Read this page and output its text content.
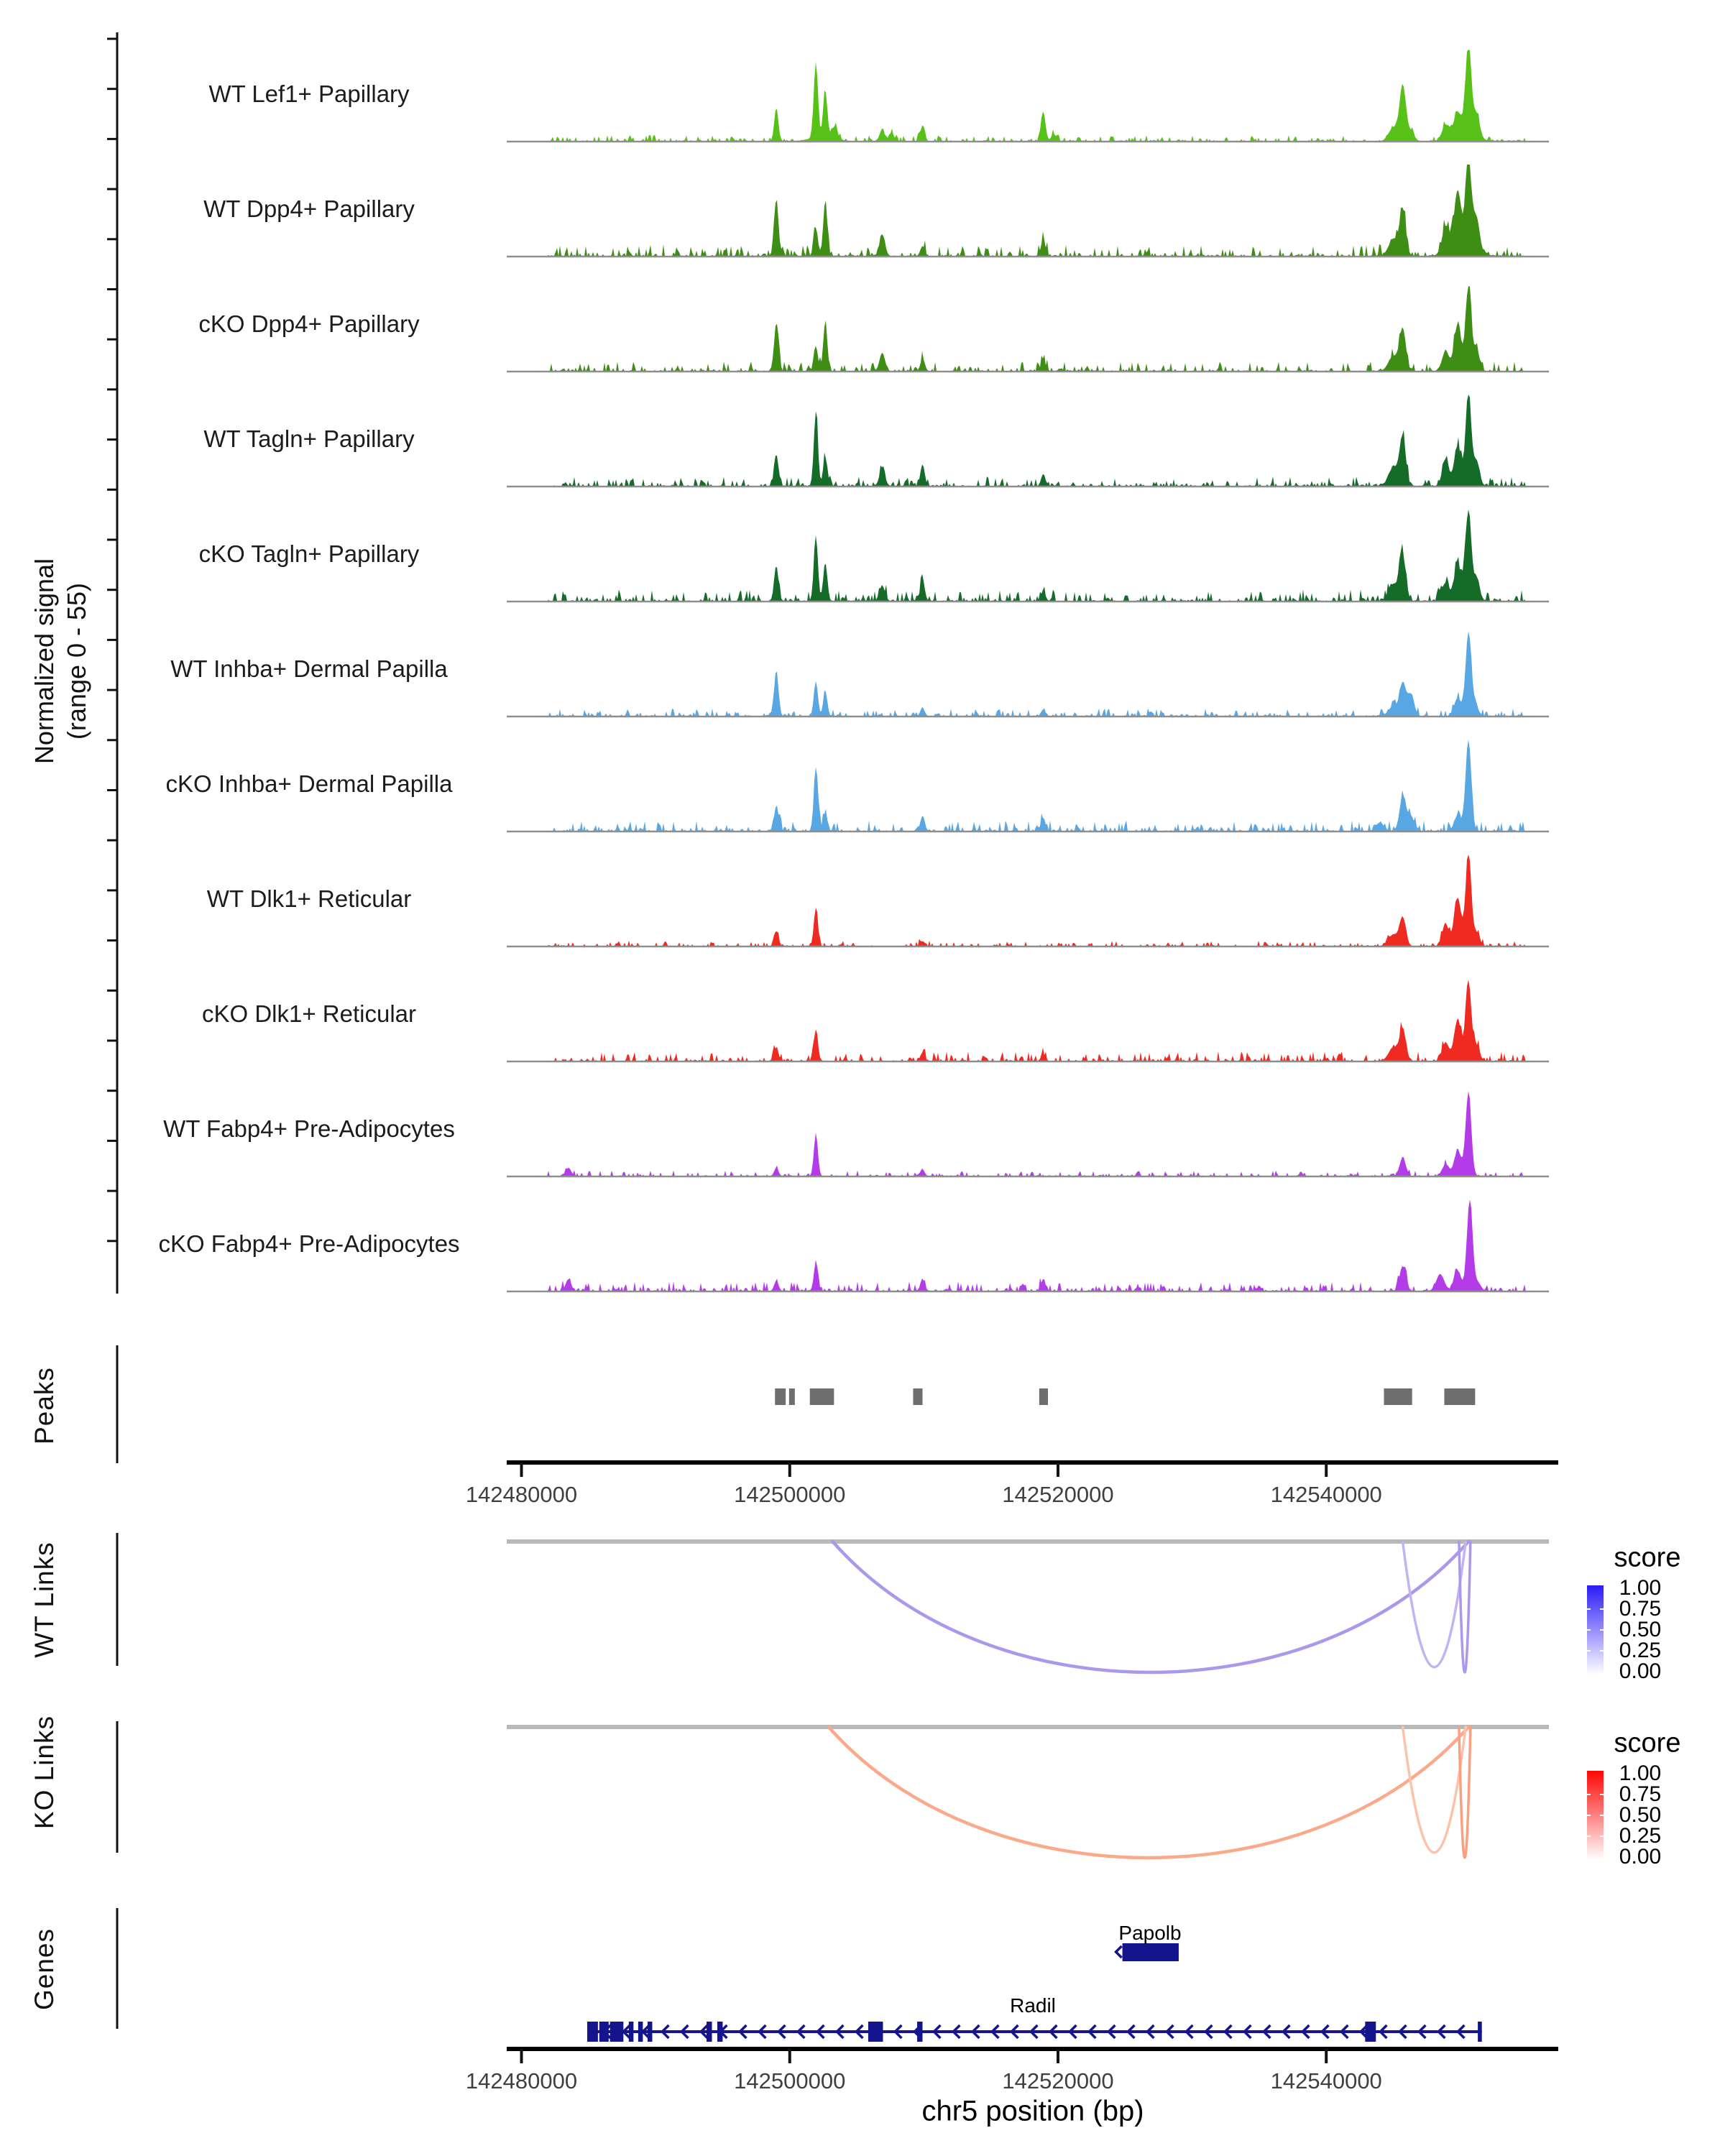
Normalized signal (range 0 - 55)
Peaks
WT Links
KO Links
Genes
score
score
Papolb
Radil
chr5 position (bp)
WT Lef1+ Papillary
WT Dpp4+ Papillary
cKO Dpp4+ Papillary
WT Tagln+ Papillary
cKO Tagln+ Papillary
WT Inhba+ Dermal Papilla
cKO Inhba+ Dermal Papilla
WT Dlk1+ Reticular
cKO Dlk1+ Reticular
WT Fabp4+ Pre-Adipocytes
cKO Fabp4+ Pre-Adipocytes
142480000	142500000	142520000	142540000
142480000	142500000	142520000	142540000
1.00
0.75
0.50
0.25
0.00
1.00
0.75
0.50
0.25
0.00
